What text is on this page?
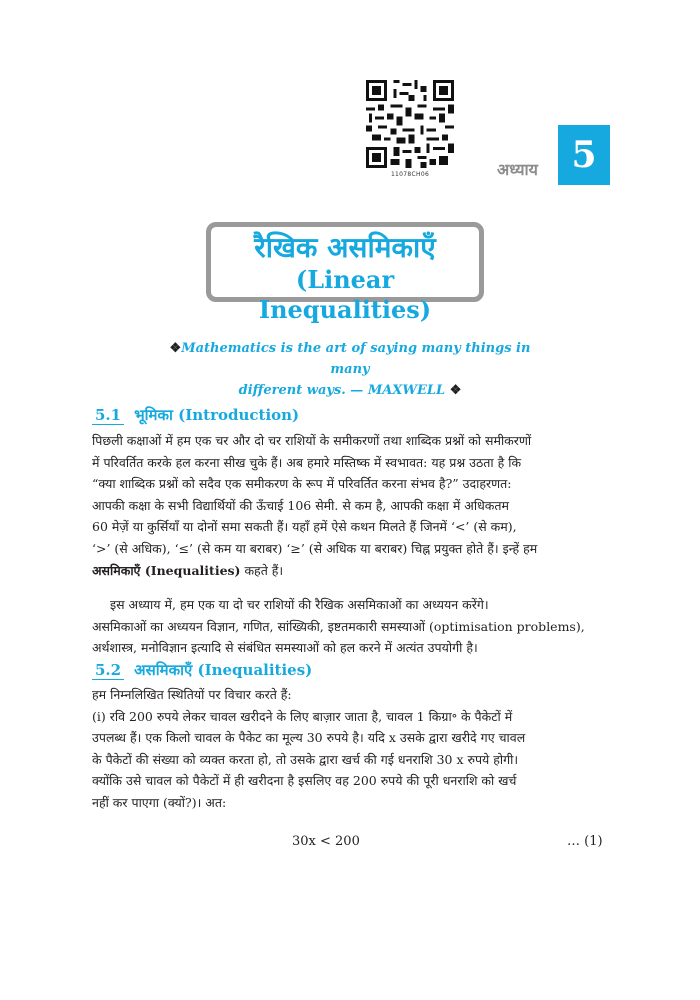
11078CH06	अध्याय 5
रैखिक असमिकाएँ
(Linear Inequalities)
❖Mathematics is the art of saying many things in many
different ways. — MAXWELL ❖
5.1 भूमिका (Introduction)
पिछली कक्षाओं में हम एक चर और दो चर राशियों के समीकरणों तथा शाब्दिक प्रश्नों को समीकरणों
में परिवर्तित करके हल करना सीख चुके हैं। अब हमारे मस्तिष्क में स्वभावत: यह प्रश्न उठता है कि
“क्या शाब्दिक प्रश्नों को सदैव एक समीकरण के रूप में परिवर्तित करना संभव है?” उदाहरणत:
आपकी कक्षा के सभी विद्यार्थियों की ऊँचाई 106 सेमी. से कम है, आपकी कक्षा में अधिकतम
60 मेज़ें या कुर्सियाँ या दोनों समा सकती हैं। यहाँ हमें ऐसे कथन मिलते हैं जिनमें ‘<’ (से कम),
‘>’ (से अधिक), ‘≤’ (से कम या बराबर) ‘≥’ (से अधिक या बराबर) चिह्न प्रयुक्त होते हैं। इन्हें हम
असमिकाएँ (Inequalities) कहते हैं।
इस अध्याय में, हम एक या दो चर राशियों की रैखिक असमिकाओं का अध्ययन करेंगे।
असमिकाओं का अध्ययन विज्ञान, गणित, सांख्यिकी, इष्टतमकारी समस्याओं (optimisation problems),
अर्थशास्त्र, मनोविज्ञान इत्यादि से संबंधित समस्याओं को हल करने में अत्यंत उपयोगी है।
5.2 असमिकाएँ (Inequalities)
हम निम्नलिखित स्थितियों पर विचार करते हैं:
(i) रवि 200 रुपये लेकर चावल खरीदने के लिए बाज़ार जाता है, चावल 1 किग्रा॰ के पैकेटों में
उपलब्ध हैं। एक किलो चावल के पैकेट का मूल्य 30 रुपये है। यदि x उसके द्वारा खरीदे गए चावल
के पैकेटों की संख्या को व्यक्त करता हो, तो उसके द्वारा खर्च की गई धनराशि 30 x रुपये होगी।
क्योंकि उसे चावल को पैकेटों में ही खरीदना है इसलिए वह 200 रुपये की पूरी धनराशि को खर्च
नहीं कर पाएगा (क्यों?)। अत:
30x < 200	… (1)
